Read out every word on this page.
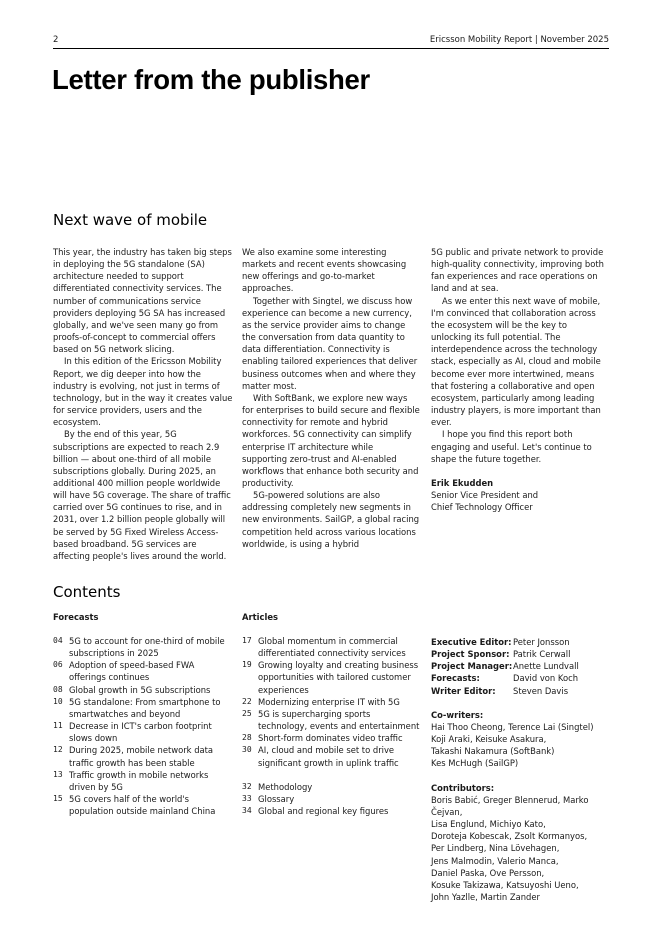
2	Ericsson Mobility Report | November 2025
Letter from the publisher
Next wave of mobile

This year, the industry has taken big steps in deploying the 5G standalone (SA) architecture needed to support differentiated connectivity services. The number of communications service providers deploying 5G SA has increased globally, and we've seen many go from proofs-of-concept to commercial offers based on 5G network slicing.

In this edition of the Ericsson Mobility Report, we dig deeper into how the industry is evolving, not just in terms of technology, but in the way it creates value for service providers, users and the ecosystem.

By the end of this year, 5G subscriptions are expected to reach 2.9 billion — about one-third of all mobile subscriptions globally. During 2025, an additional 400 million people worldwide will have 5G coverage. The share of traffic carried over 5G continues to rise, and in 2031, over 1.2 billion people globally will be served by 5G Fixed Wireless Access-based broadband. 5G services are affecting people's lives around the world.

We also examine some interesting markets and recent events showcasing new offerings and go-to-market approaches.

Together with Singtel, we discuss how experience can become a new currency, as the service provider aims to change the conversation from data quantity to data differentiation. Connectivity is enabling tailored experiences that deliver business outcomes when and where they matter most.

With SoftBank, we explore new ways for enterprises to build secure and flexible connectivity for remote and hybrid workforces. 5G connectivity can simplify enterprise IT architecture while supporting zero-trust and AI-enabled workflows that enhance both security and productivity.

5G-powered solutions are also addressing completely new segments in new environments. SailGP, a global racing competition held across various locations worldwide, is using a hybrid

5G public and private network to provide high-quality connectivity, improving both fan experiences and race operations on land and at sea.

As we enter this next wave of mobile, I'm convinced that collaboration across the ecosystem will be the key to unlocking its full potential. The interdependence across the technology stack, especially as AI, cloud and mobile become ever more intertwined, means that fostering a collaborative and open ecosystem, particularly among leading industry players, is more important than ever.

I hope you find this report both engaging and useful. Let's continue to shape the future together.

Erik Ekudden

Senior Vice President and

Chief Technology Officer

Contents
Forecasts
04 5G to account for one-third of mobile subscriptions in 2025
06 Adoption of speed-based FWA offerings continues
08 Global growth in 5G subscriptions
10 5G standalone: From smartphone to smartwatches and beyond
11 Decrease in ICT's carbon footprint slows down
12 During 2025, mobile network data traffic growth has been stable
13 Traffic growth in mobile networks driven by 5G
15 5G covers half of the world's population outside mainland China
Articles
17 Global momentum in commercial differentiated connectivity services
19 Growing loyalty and creating business opportunities with tailored customer experiences
22 Modernizing enterprise IT with 5G
25 5G is supercharging sports technology, events and entertainment
28 Short-form dominates video traffic
30 AI, cloud and mobile set to drive significant growth in uplink traffic
32 Methodology
33 Glossary
34 Global and regional key figures
Executive Editor: Peter Jonsson
Project Sponsor: Patrik Cerwall
Project Manager: Anette Lundvall
Forecasts:	David von Koch
Writer Editor:	Steven Davis
Co-writers:
Hai Thoo Cheong, Terence Lai (Singtel)
Koji Araki, Keisuke Asakura,
Takashi Nakamura (SoftBank)
Kes McHugh (SailGP)
Contributors:
Boris Babić, Greger Blennerud, Marko Čejvan,
Lisa Englund, Michiyo Kato,
Doroteja Kobescak, Zsolt Kormanyos,
Per Lindberg, Nina Lövehagen,
Jens Malmodin, Valerio Manca,
Daniel Paska, Ove Persson,
Kosuke Takizawa, Katsuyoshi Ueno,
John Yazlle, Martin Zander
